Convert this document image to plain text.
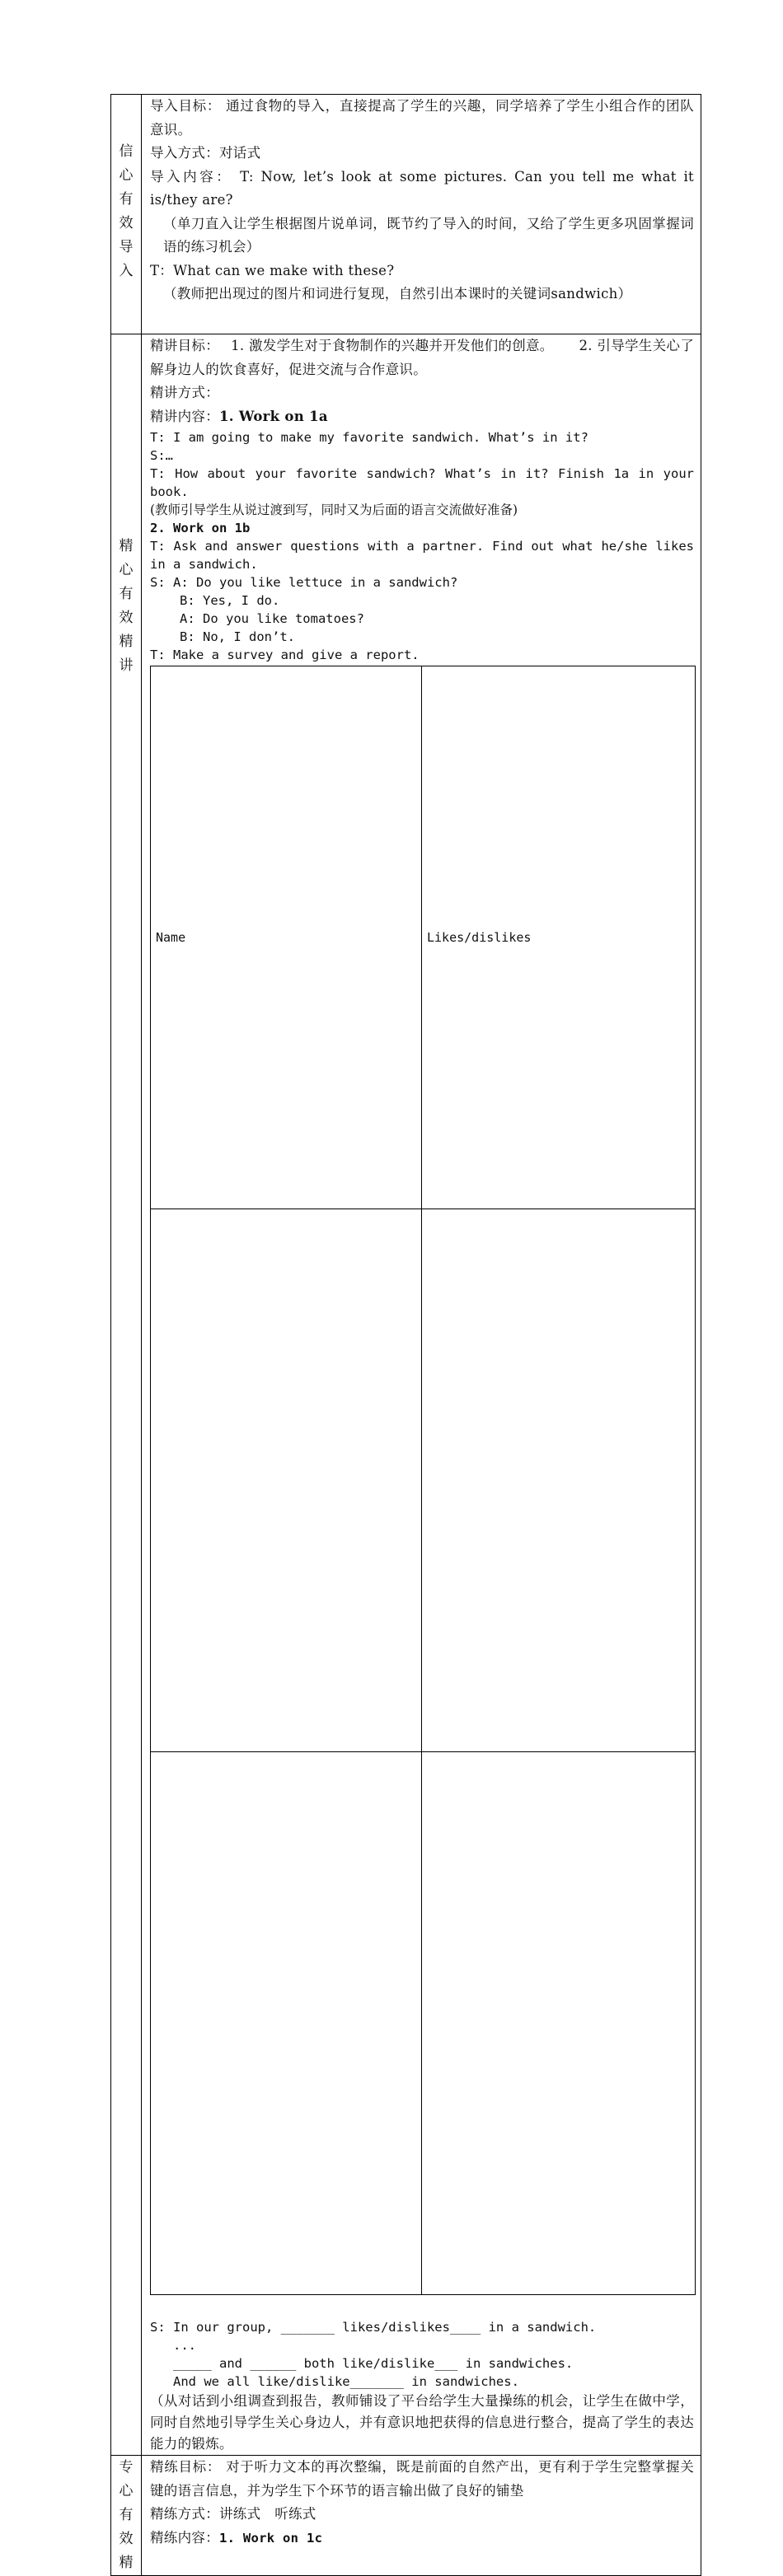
信
心
有
效
导
入

导入目标： 通过食物的导入，直接提高了学生的兴趣，同学培养了学生小组合作的团队意识。
导入方式：对话式
导入内容： T: Now, let’s look at some pictures. Can you tell me what it is/they are?
（单刀直入让学生根据图片说单词，既节约了导入的时间，又给了学生更多巩固掌握词语的练习机会）
T：What can we make with these?
（教师把出现过的图片和词进行复现，自然引出本课时的关键词sandwich）

精
心
有
效
精
讲

精讲目标：　 1. 激发学生对于食物制作的兴趣并开发他们的创意。　　 2. 引导学生关心了解身边人的饮食喜好，促进交流与合作意识。
精讲方式：
精讲内容：1. Work on 1a
T: I am going to make my favorite sandwich. What’s in it?
S:…
T: How about your favorite sandwich? What’s in it? Finish 1a in your book.
(教师引导学生从说过渡到写，同时又为后面的语言交流做好准备)
2. Work on 1b
T: Ask and answer questions with a partner. Find out what he/she likes in a sandwich.
S: A: Do you like lettuce in a sandwich?
B: Yes, I do.
A: Do you like tomatoes?
B: No, I don’t.
T: Make a survey and give a report.
Name	Likes/dislikes

S: In our group, _______ likes/dislikes____ in a sandwich.
...
_____ and ______ both like/dislike___ in sandwiches.
And we all like/dislike_______ in sandwiches.
（从对话到小组调查到报告，教师铺设了平台给学生大量操练的机会，让学生在做中学，同时自然地引导学生关心身边人，并有意识地把获得的信息进行整合，提高了学生的表达能力的锻炼。

专
心
有
效
精

精练目标： 对于听力文本的再次整编，既是前面的自然产出，更有利于学生完整掌握关键的语言信息，并为学生下个环节的语言输出做了良好的铺垫
精练方式：讲练式　听练式
精练内容：1. Work on 1c
